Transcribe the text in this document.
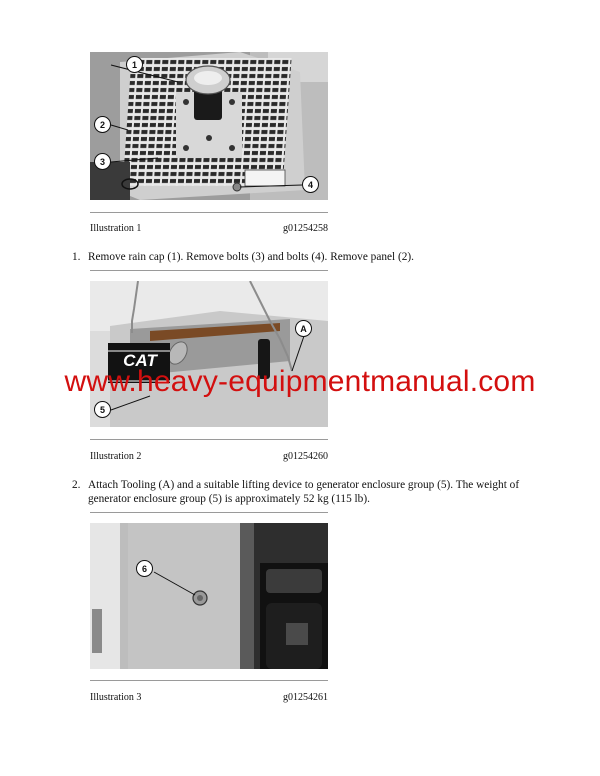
1
2
3
4
Illustration 1	g01254258
1. Remove rain cap (1). Remove bolts (3) and bolts (4). Remove panel (2).
CAT
A
5
Illustration 2	g01254260
2. Attach Tooling (A) and a suitable lifting device to generator enclosure group (5). The weight of generator enclosure group (5) is approximately 52 kg (115 lb).
6
Illustration 3	g01254261
www.heavy-equipmentmanual.com
